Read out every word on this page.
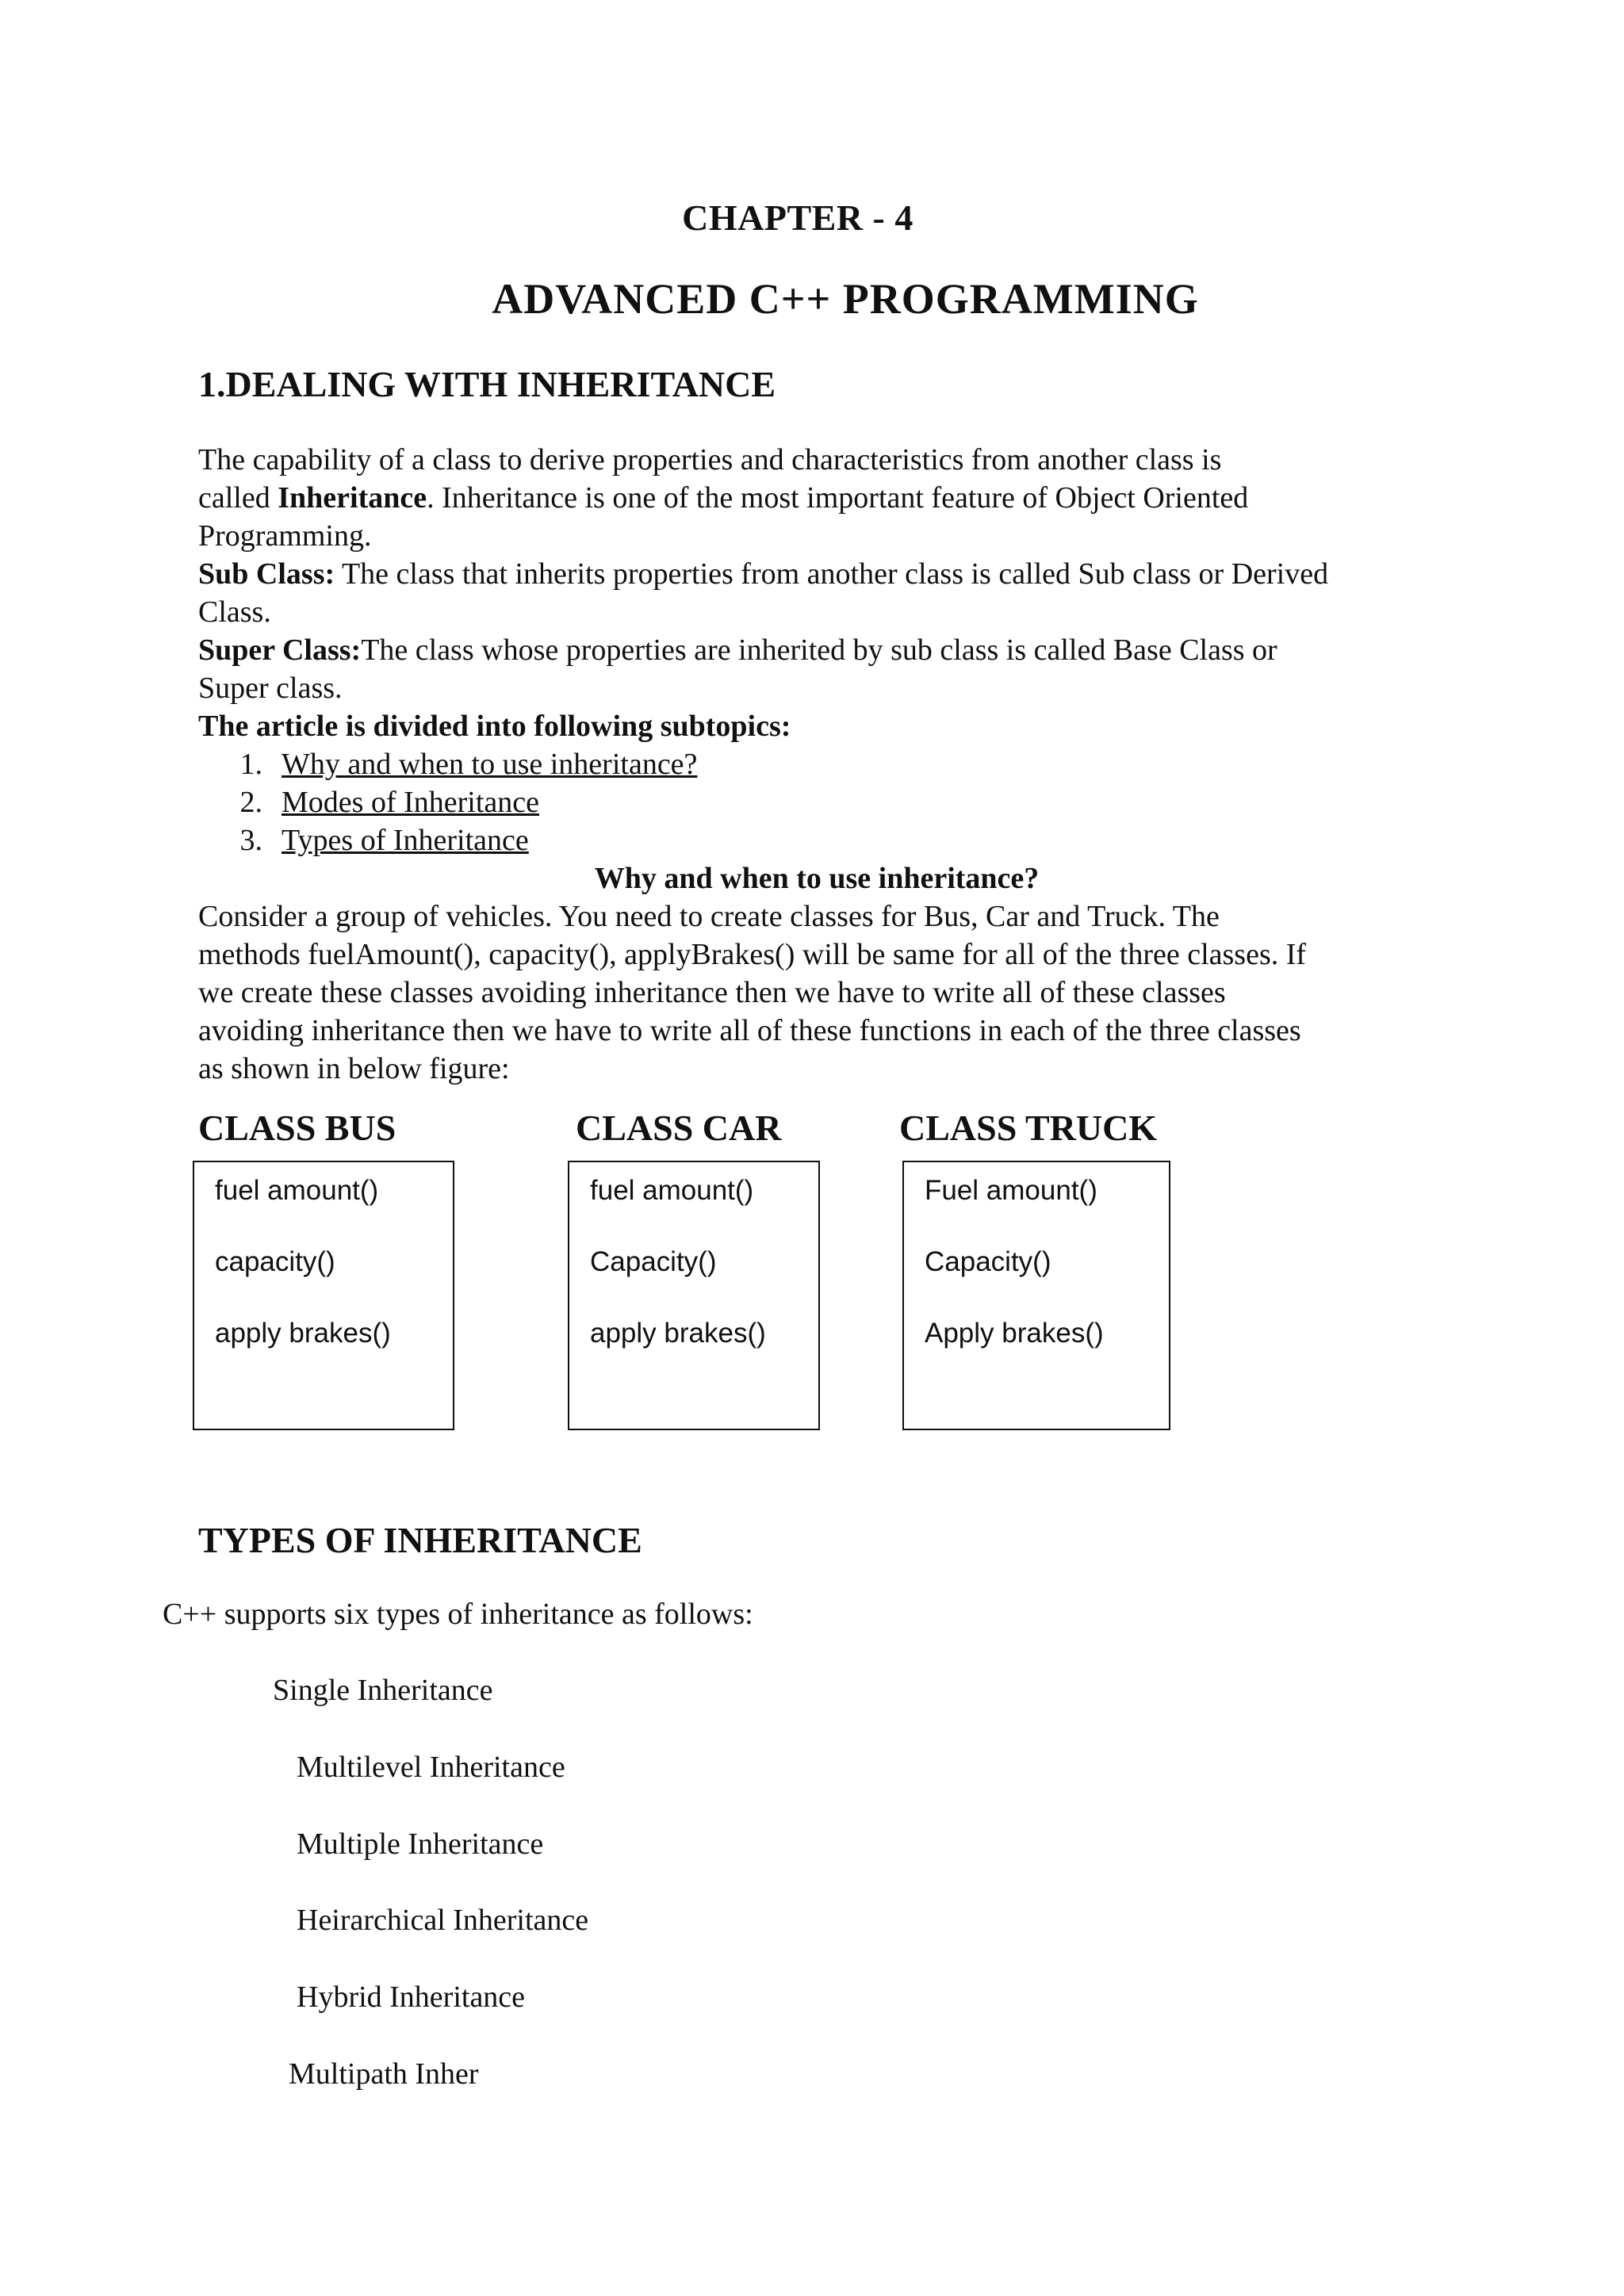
CHAPTER - 4
ADVANCED C++ PROGRAMMING
1.DEALING WITH INHERITANCE

The capability of a class to derive properties and characteristics from another class is

called Inheritance. Inheritance is one of the most important feature of Object Oriented

Programming.

Sub Class: The class that inherits properties from another class is called Sub class or Derived

Class.

Super Class:The class whose properties are inherited by sub class is called Base Class or

Super class.

The article is divided into following subtopics:

1. Why and when to use inheritance?
2. Modes of Inheritance
3. Types of Inheritance

Why and when to use inheritance?

Consider a group of vehicles. You need to create classes for Bus, Car and Truck. The

methods fuelAmount(), capacity(), applyBrakes() will be same for all of the three classes. If

we create these classes avoiding inheritance then we have to write all of these classes

avoiding inheritance then we have to write all of these functions in each of the three classes

as shown in below figure:

CLASS BUS	CLASS CAR	CLASS TRUCK
fuel amount()
capacity()
apply brakes()
fuel amount()
Capacity()
apply brakes()
Fuel amount()
Capacity()
Apply brakes()
TYPES OF INHERITANCE
C++ supports six types of inheritance as follows:
Single Inheritance
Multilevel Inheritance
Multiple Inheritance
Heirarchical Inheritance
Hybrid Inheritance
Multipath Inher
